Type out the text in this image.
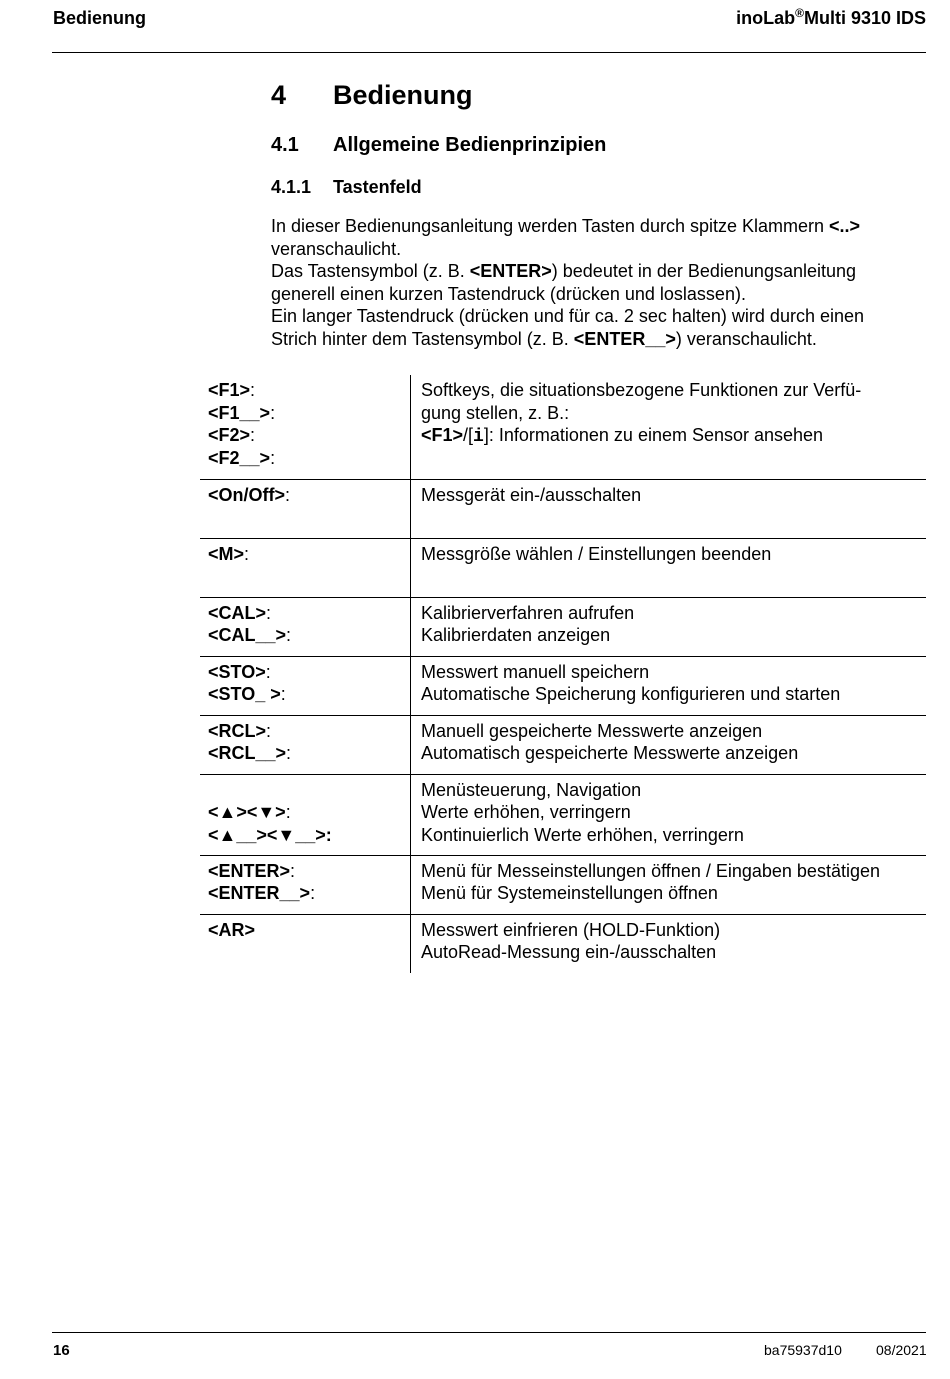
Bedienung	inoLab®Multi 9310 IDS
4 Bedienung
4.1 Allgemeine Bedienprinzipien
4.1.1 Tastenfeld
In dieser Bedienungsanleitung werden Tasten durch spitze Klammern <..>
veranschaulicht.
Das Tastensymbol (z. B. <ENTER>) bedeutet in der Bedienungsanleitung
generell einen kurzen Tastendruck (drücken und loslassen).
Ein langer Tastendruck (drücken und für ca. 2 sec halten) wird durch einen
Strich hinter dem Tastensymbol (z. B. <ENTER__>) veranschaulicht.
<F1>:
<F1__>:
<F2>:
<F2__>:	Softkeys, die situationsbezogene Funktionen zur Verfü-
gung stellen, z. B.:
<F1>/[i]: Informationen zu einem Sensor ansehen

<On/Off>:	Messgerät ein-/ausschalten

<M>:	Messgröße wählen / Einstellungen beenden

<CAL>:
<CAL__>:	Kalibrierverfahren aufrufen
Kalibrierdaten anzeigen

<STO>:
<STO_ >:	Messwert manuell speichern
Automatische Speicherung konfigurieren und starten

<RCL>:
<RCL__>:	Manuell gespeicherte Messwerte anzeigen
Automatisch gespeicherte Messwerte anzeigen

<▲><▼>:
<▲__><▼__>:	Menüsteuerung, Navigation
Werte erhöhen, verringern
Kontinuierlich Werte erhöhen, verringern

<ENTER>:
<ENTER__>:	Menü für Messeinstellungen öffnen / Eingaben bestätigen
Menü für Systemeinstellungen öffnen

<AR>	Messwert einfrieren (HOLD-Funktion)
AutoRead-Messung ein-/ausschalten
16	ba75937d10 08/2021
